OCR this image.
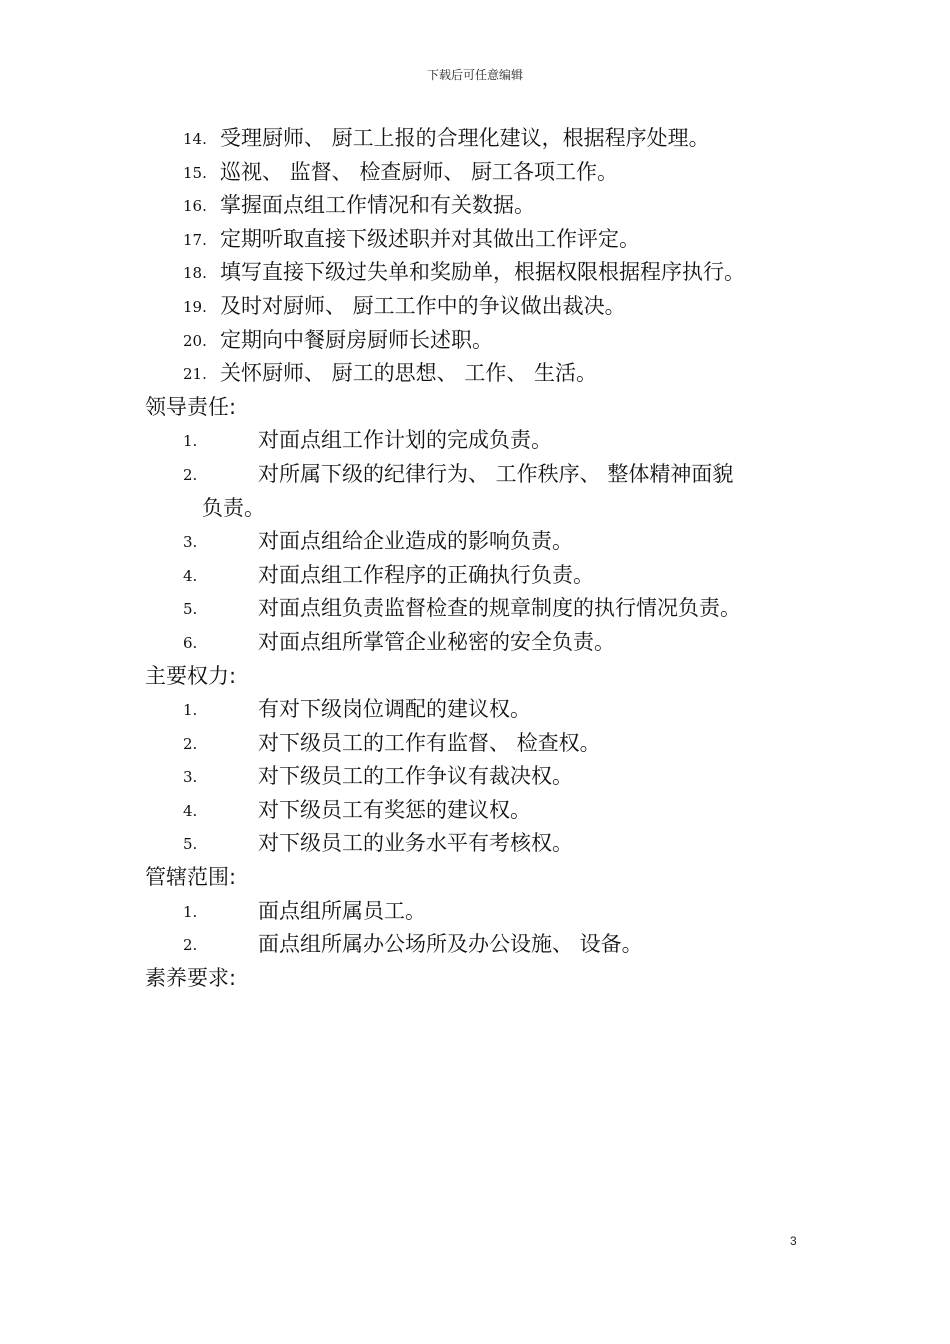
下载后可任意编辑
14. 受理厨师、 厨工上报的合理化建议，根据程序处理。
15. 巡视、 监督、 检查厨师、 厨工各项工作。
16. 掌握面点组工作情况和有关数据。
17. 定期听取直接下级述职并对其做出工作评定。
18. 填写直接下级过失单和奖励单，根据权限根据程序执行。
19. 及时对厨师、 厨工工作中的争议做出裁决。
20. 定期向中餐厨房厨师长述职。
21. 关怀厨师、 厨工的思想、 工作、 生活。
领导责任:
1.	对面点组工作计划的完成负责。
2.	对所属下级的纪律行为、 工作秩序、 整体精神面貌
负责。
3.	对面点组给企业造成的影响负责。
4.	对面点组工作程序的正确执行负责。
5.	对面点组负责监督检查的规章制度的执行情况负责。
6.	对面点组所掌管企业秘密的安全负责。
主要权力:
1.	有对下级岗位调配的建议权。
2.	对下级员工的工作有监督、 检查权。
3.	对下级员工的工作争议有裁决权。
4.	对下级员工有奖惩的建议权。
5.	对下级员工的业务水平有考核权。
管辖范围:
1.	面点组所属员工。
2.	面点组所属办公场所及办公设施、 设备。
素养要求:
3
